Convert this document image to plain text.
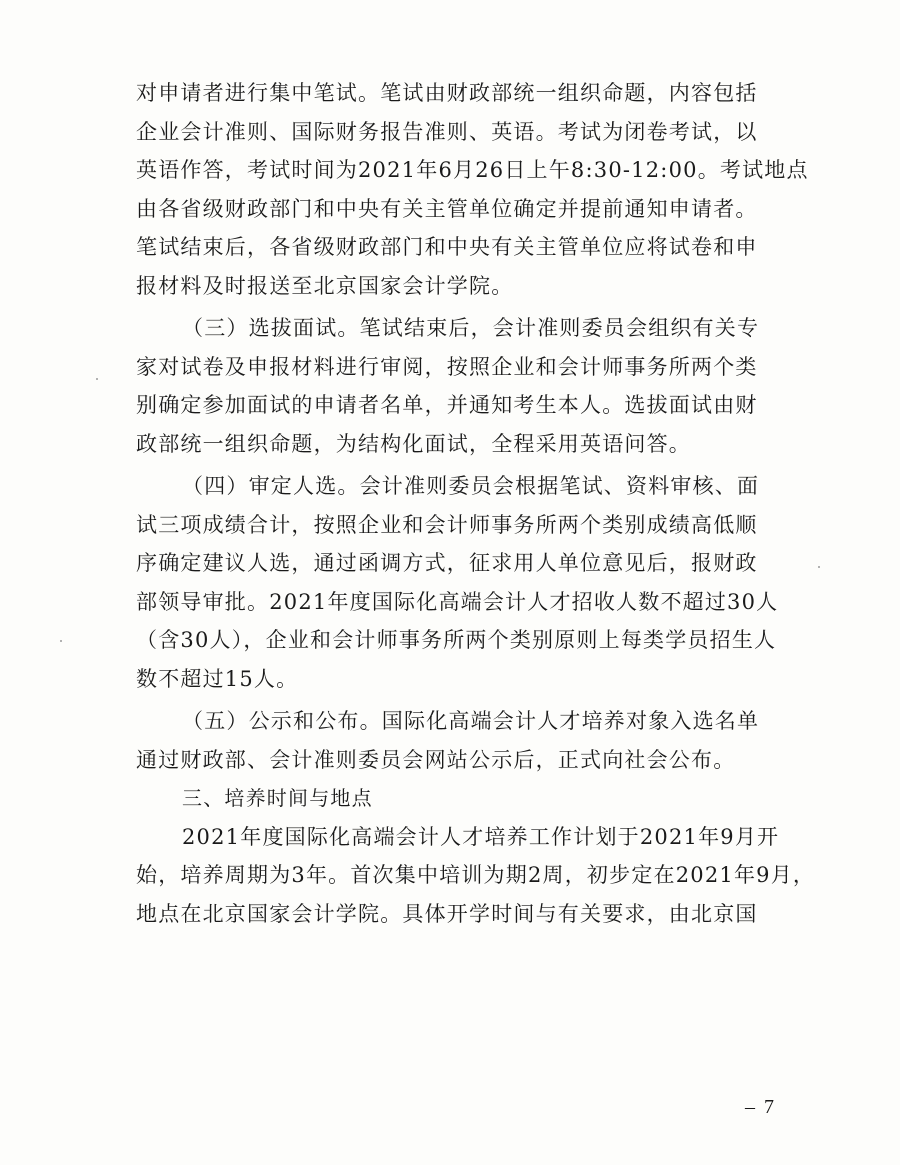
对申请者进行集中笔试。笔试由财政部统一组织命题，内容包括
企业会计准则、国际财务报告准则、英语。考试为闭卷考试，以
英语作答，考试时间为2021年6月26日上午8:30-12:00。考试地点
由各省级财政部门和中央有关主管单位确定并提前通知申请者。
笔试结束后，各省级财政部门和中央有关主管单位应将试卷和申
报材料及时报送至北京国家会计学院。
（三）选拔面试。笔试结束后，会计准则委员会组织有关专
家对试卷及申报材料进行审阅，按照企业和会计师事务所两个类
别确定参加面试的申请者名单，并通知考生本人。选拔面试由财
政部统一组织命题，为结构化面试，全程采用英语问答。
（四）审定人选。会计准则委员会根据笔试、资料审核、面
试三项成绩合计，按照企业和会计师事务所两个类别成绩高低顺
序确定建议人选，通过函调方式，征求用人单位意见后，报财政
部领导审批。2021年度国际化高端会计人才招收人数不超过30人
（含30人），企业和会计师事务所两个类别原则上每类学员招生人
数不超过15人。
（五）公示和公布。国际化高端会计人才培养对象入选名单
通过财政部、会计准则委员会网站公示后，正式向社会公布。
三、培养时间与地点
2021年度国际化高端会计人才培养工作计划于2021年9月开
始，培养周期为3年。首次集中培训为期2周，初步定在2021年9月，
地点在北京国家会计学院。具体开学时间与有关要求，由北京国
– 7
